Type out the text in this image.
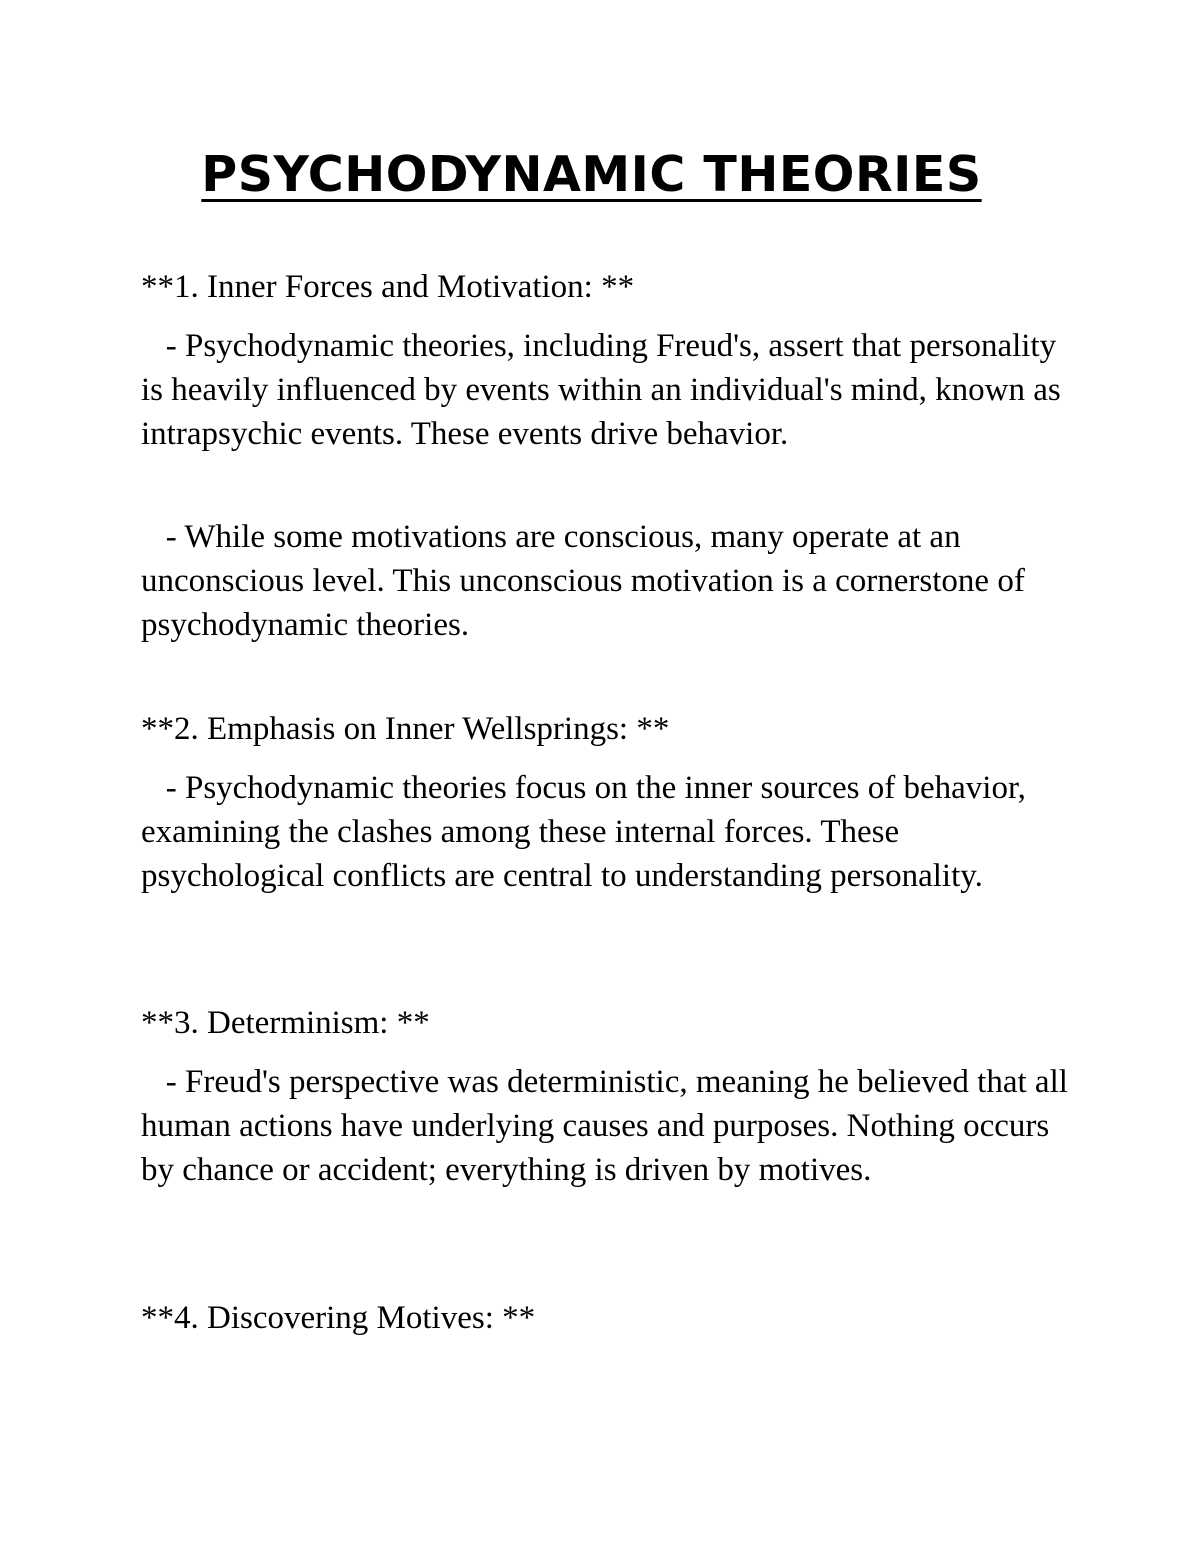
PSYCHODYNAMIC THEORIES
**1. Inner Forces and Motivation: **
- Psychodynamic theories, including Freud's, assert that personality is heavily influenced by events within an individual's mind, known as intrapsychic events. These events drive behavior.
- While some motivations are conscious, many operate at an unconscious level. This unconscious motivation is a cornerstone of psychodynamic theories.
**2. Emphasis on Inner Wellsprings: **
- Psychodynamic theories focus on the inner sources of behavior, examining the clashes among these internal forces. These psychological conflicts are central to understanding personality.
**3. Determinism: **
- Freud's perspective was deterministic, meaning he believed that all human actions have underlying causes and purposes. Nothing occurs by chance or accident; everything is driven by motives.
**4. Discovering Motives: **
